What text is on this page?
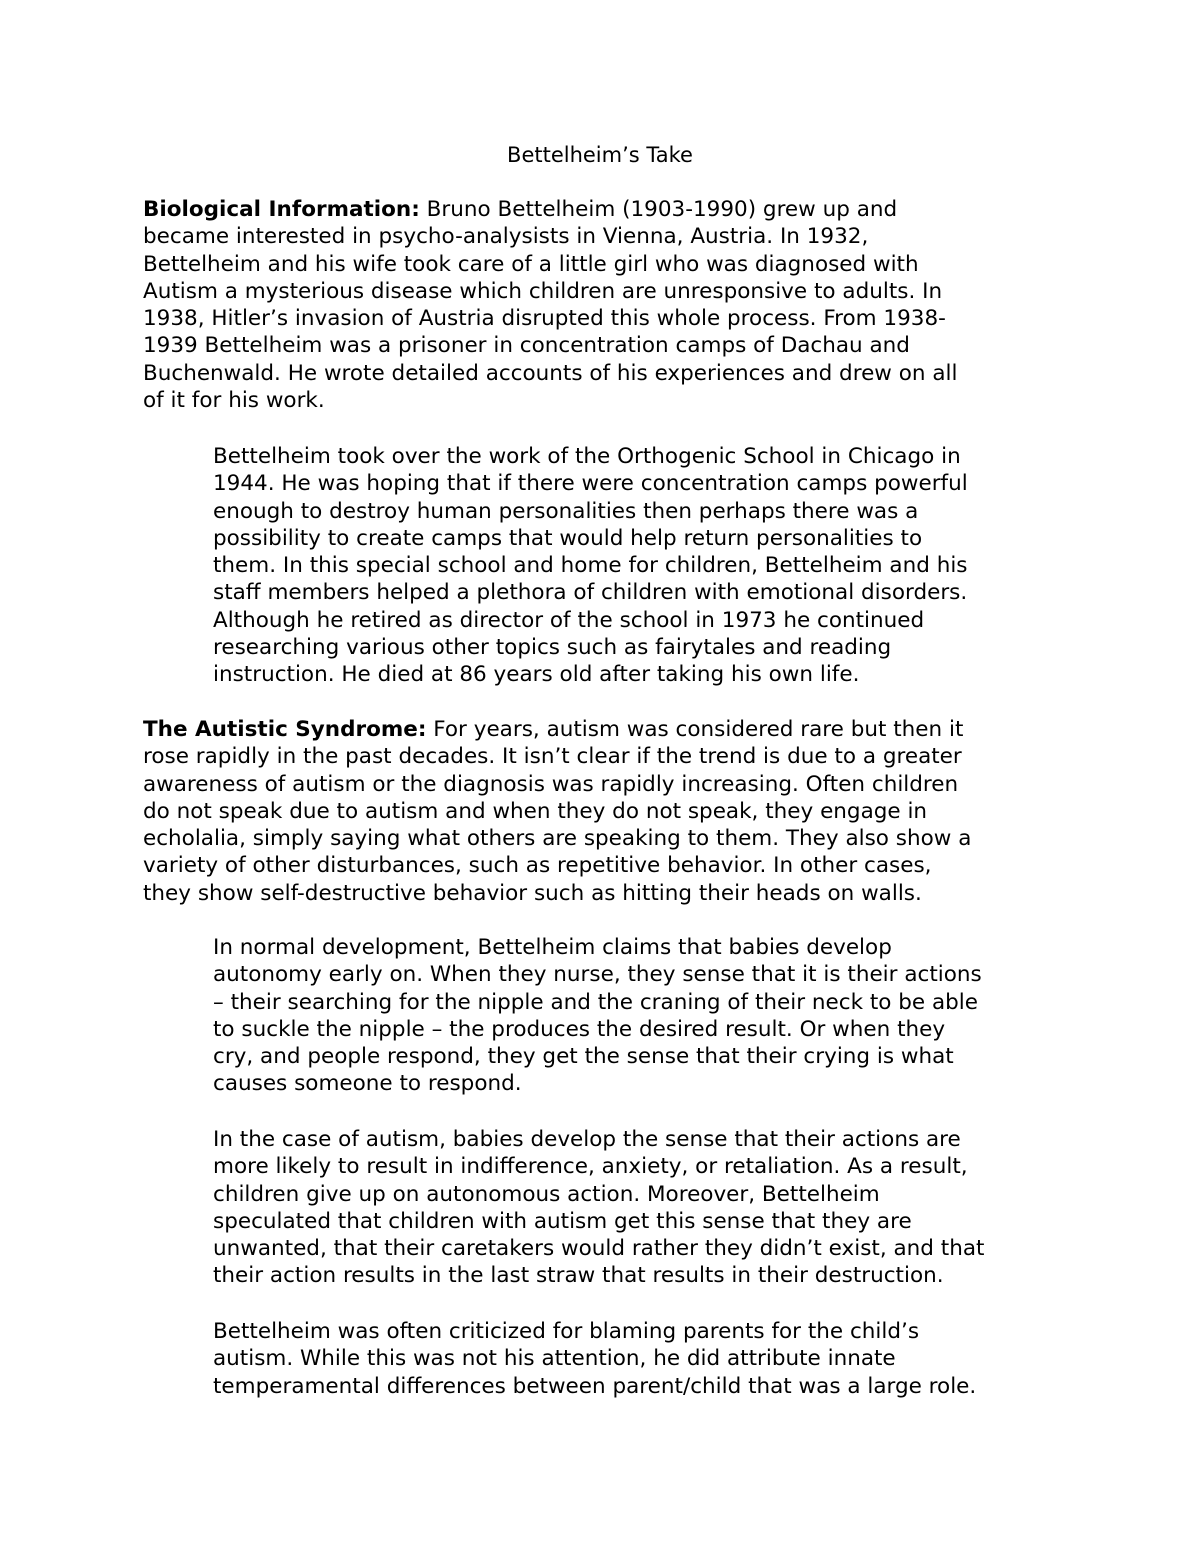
Bettelheim’s Take

Biological Information: Bruno Bettelheim (1903-1990) grew up and
became interested in psycho-analysists in Vienna, Austria. In 1932,
Bettelheim and his wife took care of a little girl who was diagnosed with
Autism a mysterious disease which children are unresponsive to adults. In
1938, Hitler’s invasion of Austria disrupted this whole process. From 1938-
1939 Bettelheim was a prisoner in concentration camps of Dachau and
Buchenwald. He wrote detailed accounts of his experiences and drew on all
of it for his work.

Bettelheim took over the work of the Orthogenic School in Chicago in
1944. He was hoping that if there were concentration camps powerful
enough to destroy human personalities then perhaps there was a
possibility to create camps that would help return personalities to
them. In this special school and home for children, Bettelheim and his
staff members helped a plethora of children with emotional disorders.
Although he retired as director of the school in 1973 he continued
researching various other topics such as fairytales and reading
instruction. He died at 86 years old after taking his own life.

The Autistic Syndrome: For years, autism was considered rare but then it
rose rapidly in the past decades. It isn’t clear if the trend is due to a greater
awareness of autism or the diagnosis was rapidly increasing. Often children
do not speak due to autism and when they do not speak, they engage in
echolalia, simply saying what others are speaking to them. They also show a
variety of other disturbances, such as repetitive behavior. In other cases,
they show self-destructive behavior such as hitting their heads on walls.

In normal development, Bettelheim claims that babies develop
autonomy early on. When they nurse, they sense that it is their actions
– their searching for the nipple and the craning of their neck to be able
to suckle the nipple – the produces the desired result. Or when they
cry, and people respond, they get the sense that their crying is what
causes someone to respond.

In the case of autism, babies develop the sense that their actions are
more likely to result in indifference, anxiety, or retaliation. As a result,
children give up on autonomous action. Moreover, Bettelheim
speculated that children with autism get this sense that they are
unwanted, that their caretakers would rather they didn’t exist, and that
their action results in the last straw that results in their destruction.

Bettelheim was often criticized for blaming parents for the child’s
autism. While this was not his attention, he did attribute innate
temperamental differences between parent/child that was a large role.
